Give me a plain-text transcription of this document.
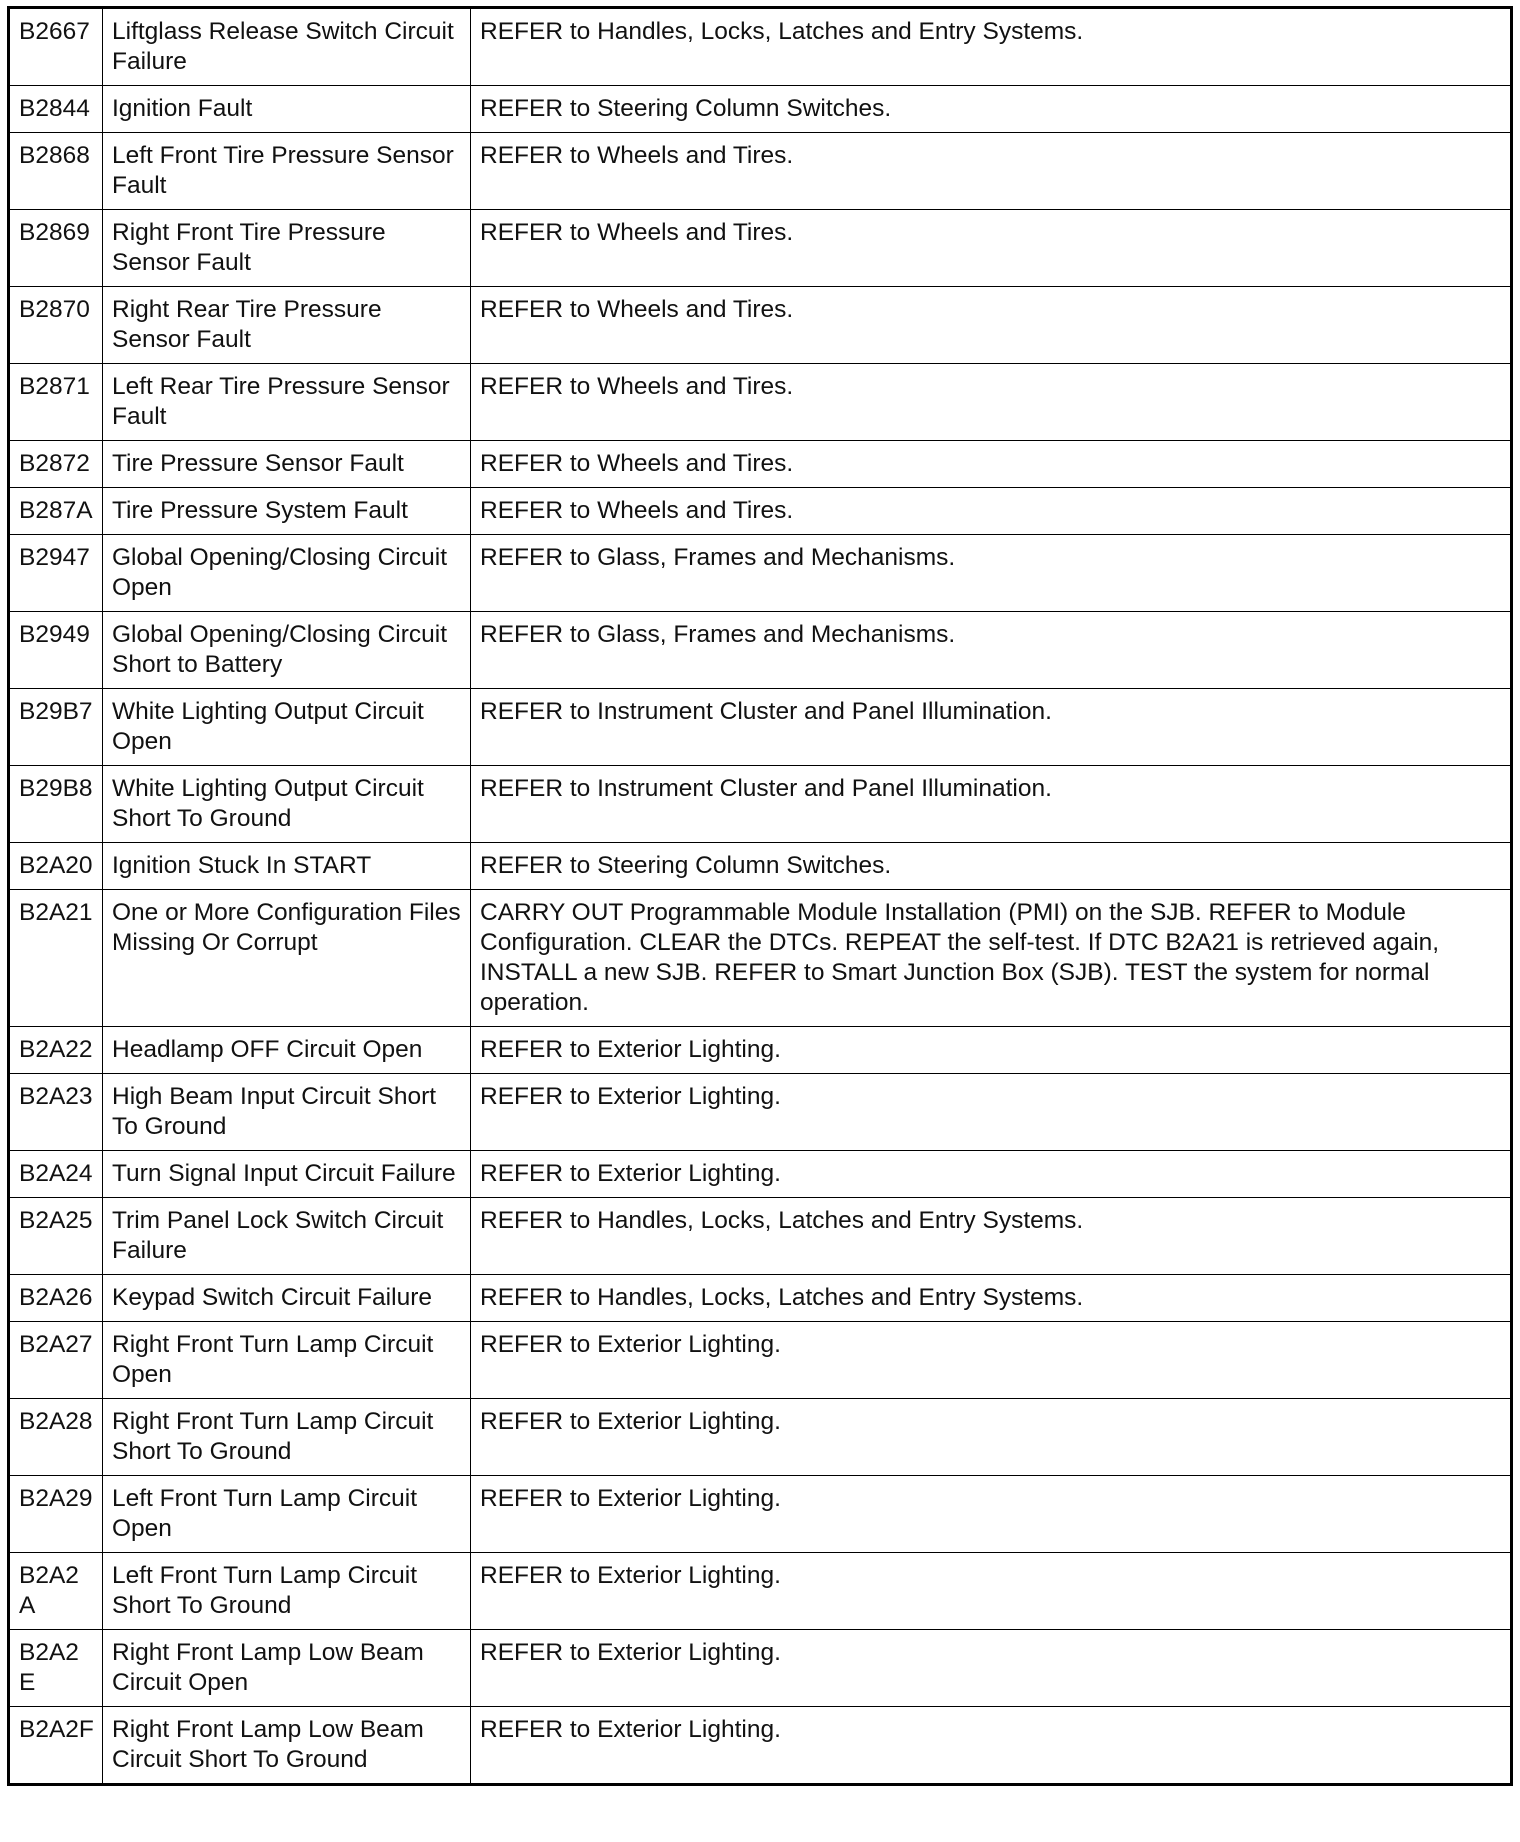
B2667	Liftglass Release Switch Circuit Failure	REFER to Handles, Locks, Latches and Entry Systems.
B2844	Ignition Fault	REFER to Steering Column Switches.
B2868	Left Front Tire Pressure Sensor Fault	REFER to Wheels and Tires.
B2869	Right Front Tire Pressure Sensor Fault	REFER to Wheels and Tires.
B2870	Right Rear Tire Pressure Sensor Fault	REFER to Wheels and Tires.
B2871	Left Rear Tire Pressure Sensor Fault	REFER to Wheels and Tires.
B2872	Tire Pressure Sensor Fault	REFER to Wheels and Tires.
B287A	Tire Pressure System Fault	REFER to Wheels and Tires.
B2947	Global Opening/Closing Circuit Open	REFER to Glass, Frames and Mechanisms.
B2949	Global Opening/Closing Circuit Short to Battery	REFER to Glass, Frames and Mechanisms.
B29B7	White Lighting Output Circuit Open	REFER to Instrument Cluster and Panel Illumination.
B29B8	White Lighting Output Circuit Short To Ground	REFER to Instrument Cluster and Panel Illumination.
B2A20	Ignition Stuck In START	REFER to Steering Column Switches.
B2A21	One or More Configuration Files Missing Or Corrupt	CARRY OUT Programmable Module Installation (PMI) on the SJB. REFER to Module Configuration. CLEAR the DTCs. REPEAT the self-test. If DTC B2A21 is retrieved again, INSTALL a new SJB. REFER to Smart Junction Box (SJB). TEST the system for normal operation.
B2A22	Headlamp OFF Circuit Open	REFER to Exterior Lighting.
B2A23	High Beam Input Circuit Short To Ground	REFER to Exterior Lighting.
B2A24	Turn Signal Input Circuit Failure	REFER to Exterior Lighting.
B2A25	Trim Panel Lock Switch Circuit Failure	REFER to Handles, Locks, Latches and Entry Systems.
B2A26	Keypad Switch Circuit Failure	REFER to Handles, Locks, Latches and Entry Systems.
B2A27	Right Front Turn Lamp Circuit Open	REFER to Exterior Lighting.
B2A28	Right Front Turn Lamp Circuit Short To Ground	REFER to Exterior Lighting.
B2A29	Left Front Turn Lamp Circuit Open	REFER to Exterior Lighting.
B2A2A	Left Front Turn Lamp Circuit Short To Ground	REFER to Exterior Lighting.
B2A2E	Right Front Lamp Low Beam Circuit Open	REFER to Exterior Lighting.
B2A2F	Right Front Lamp Low Beam Circuit Short To Ground	REFER to Exterior Lighting.
